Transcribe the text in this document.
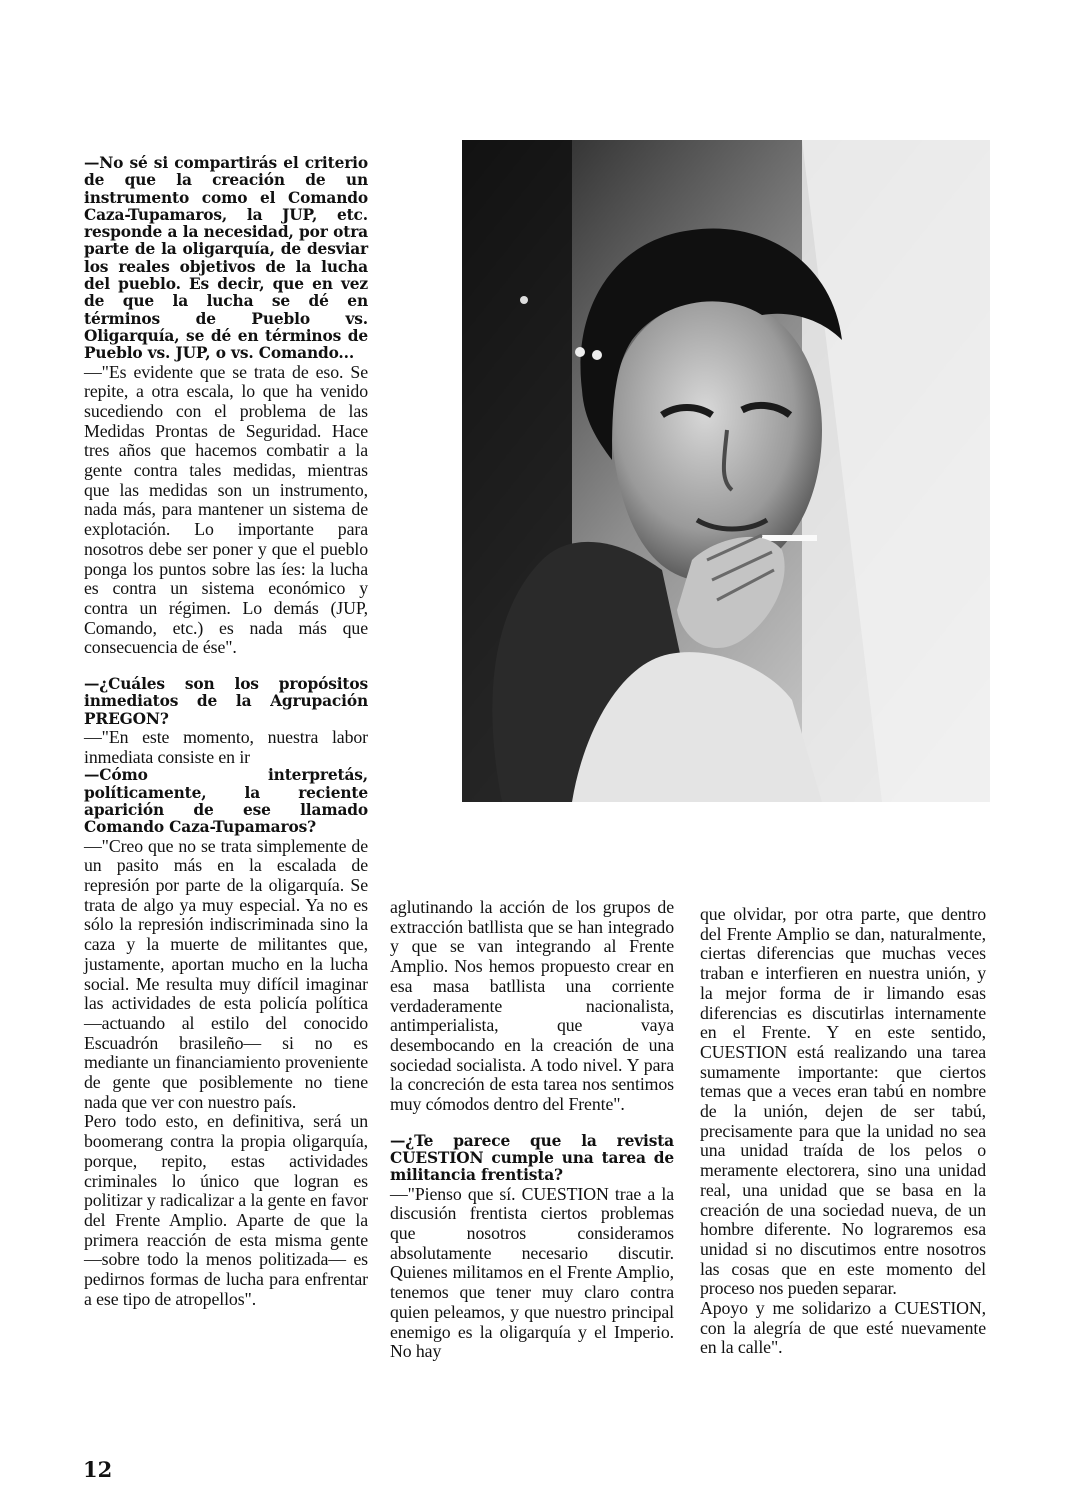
—No sé si compartirás el criterio de que la creación de un instrumento como el Comando Caza-Tupamaros, la JUP, etc. responde a la necesidad, por otra parte de la oligarquía, de desviar los reales objetivos de la lucha del pueblo. Es decir, que en vez de que la lucha se dé en términos de Pueblo vs. Oligarquía, se dé en términos de Pueblo vs. JUP, o vs. Comando...

—"Es evidente que se trata de eso. Se repite, a otra escala, lo que ha venido sucediendo con el problema de las Medidas Prontas de Seguridad. Hace tres años que hacemos combatir a la gente contra tales medidas, mientras que las medidas son un instrumento, nada más, para mantener un sistema de explotación. Lo importante para nosotros debe ser poner y que el pueblo ponga los puntos sobre las íes: la lucha es contra un sistema económico y contra un régimen. Lo demás (JUP, Comando, etc.) es nada más que consecuencia de ése".

—¿Cuáles son los propósitos inmediatos de la Agrupación PREGON?

—"En este momento, nuestra labor inmediata consiste en ir

—Cómo interpretás, políticamente, la reciente aparición de ese llamado Comando Caza-Tupamaros?

—"Creo que no se trata simplemente de un pasito más en la escalada de represión por parte de la oligarquía. Se trata de algo ya muy especial. Ya no es sólo la represión indiscriminada sino la caza y la muerte de militantes que, justamente, aportan mucho en la lucha social. Me resulta muy difícil imaginar las actividades de esta policía política —actuando al estilo del conocido Escuadrón brasileño— si no es mediante un financiamiento proveniente de gente que posiblemente no tiene nada que ver con nuestro país.

Pero todo esto, en definitiva, será un boomerang contra la propia oligarquía, porque, repito, estas actividades criminales lo único que logran es politizar y radicalizar a la gente en favor del Frente Amplio. Aparte de que la primera reacción de esta misma gente —sobre todo la menos politizada— es pedirnos formas de lucha para enfrentar a ese tipo de atropellos".

aglutinando la acción de los grupos de extracción batllista que se han integrado y que se van integrando al Frente Amplio. Nos hemos propuesto crear en esa masa batllista una corriente verdaderamente nacionalista, antimperialista, que vaya desembocando en la creación de una sociedad socialista. A todo nivel. Y para la concreción de esta tarea nos sentimos muy cómodos dentro del Frente".

—¿Te parece que la revista CUESTION cumple una tarea de militancia frentista?

—"Pienso que sí. CUESTION trae a la discusión frentista ciertos problemas que nosotros consideramos absolutamente necesario discutir. Quienes militamos en el Frente Amplio, tenemos que tener muy claro contra quien peleamos, y que nuestro principal enemigo es la oligarquía y el Imperio. No hay

que olvidar, por otra parte, que dentro del Frente Amplio se dan, naturalmente, ciertas diferencias que muchas veces traban e interfieren en nuestra unión, y la mejor forma de ir limando esas diferencias es discutirlas internamente en el Frente. Y en este sentido, CUESTION está realizando una tarea sumamente importante: que ciertos temas que a veces eran tabú en nombre de la unión, dejen de ser tabú, precisamente para que la unidad no sea una unidad traída de los pelos o meramente electorera, sino una unidad real, una unidad que se basa en la creación de una sociedad nueva, de un hombre diferente. No lograremos esa unidad si no discutimos entre nosotros las cosas que en este momento del proceso nos pueden separar.

Apoyo y me solidarizo a CUESTION, con la alegría de que esté nuevamente en la calle".

12
